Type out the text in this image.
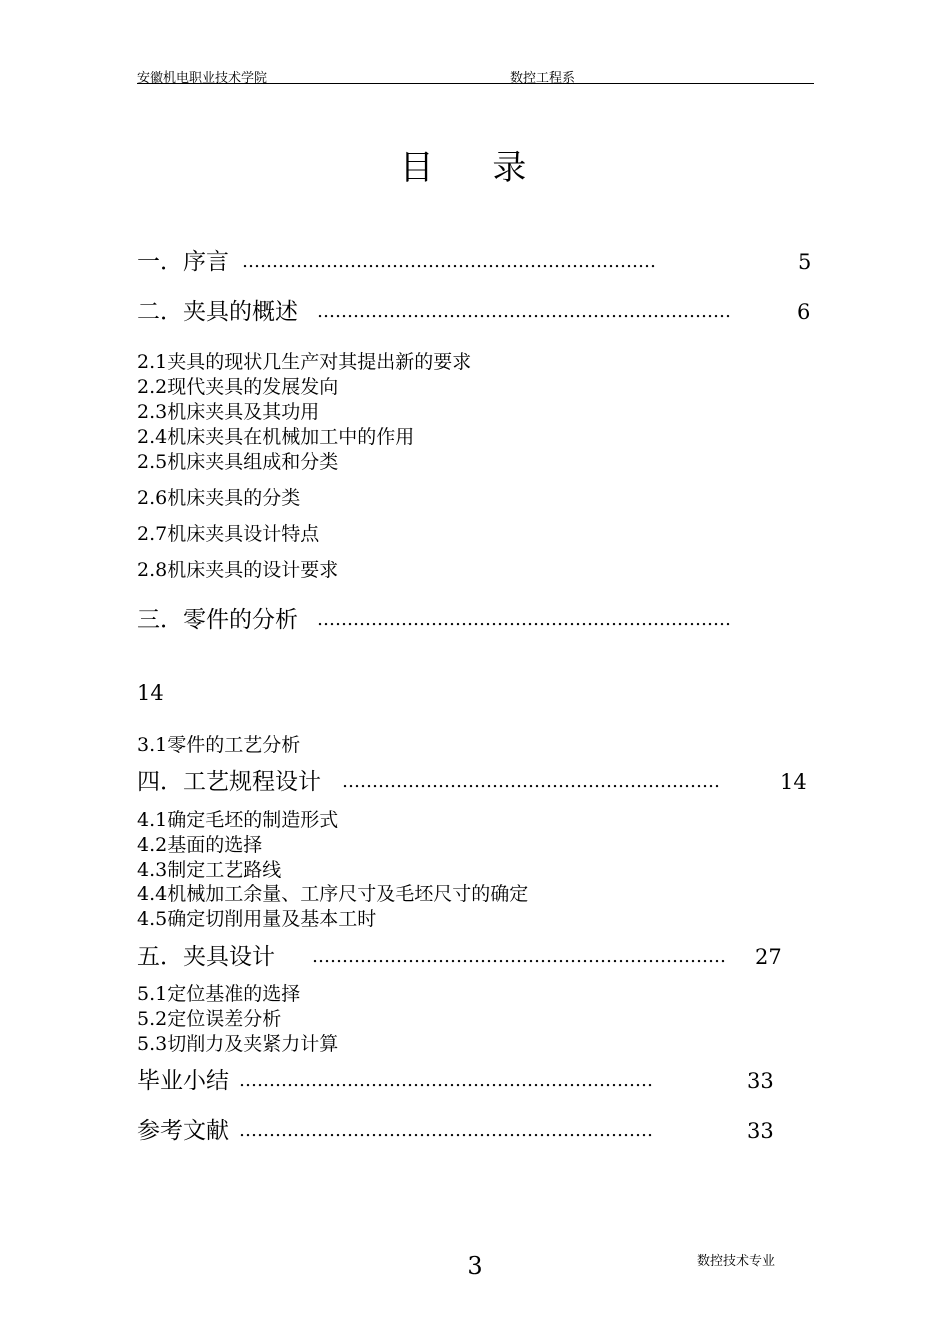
安徽机电职业技术学院	数控工程系
目 录
一．序言 ……………………………………………………………	5
二．夹具的概述 ……………………………………………………………	6
2.1夹具的现状几生产对其提出新的要求
2.2现代夹具的发展发向
2.3机床夹具及其功用
2.4机床夹具在机械加工中的作用
2.5机床夹具组成和分类
2.6机床夹具的分类
2.7机床夹具设计特点
2.8机床夹具的设计要求
三．零件的分析 ……………………………………………………………
14
3.1零件的工艺分析
四．工艺规程设计 ………………………………………………………	14
4.1确定毛坯的制造形式
4.2基面的选择
4.3制定工艺路线
4.4机械加工余量、工序尺寸及毛坯尺寸的确定
4.5确定切削用量及基本工时
五．夹具设计 …………………………………………………………… 27
5.1定位基准的选择
5.2定位误差分析
5.3切削力及夹紧力计算
毕业小结 ……………………………………………………………	33
参考文献 ……………………………………………………………	33
3	数控技术专业
